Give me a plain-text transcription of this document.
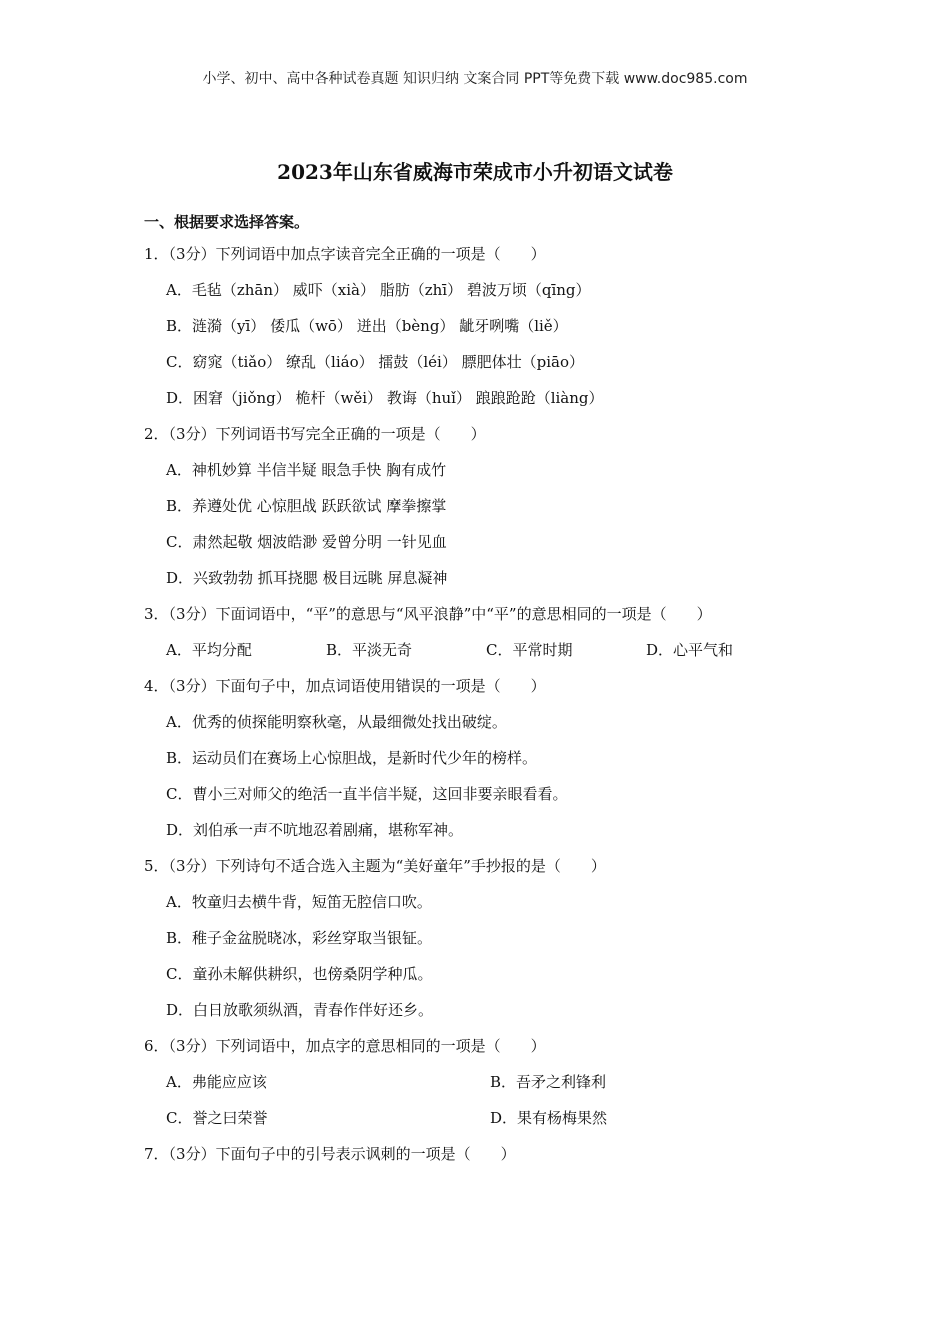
小学、初中、高中各种试卷真题 知识归纳 文案合同 PPT等免费下载 www.doc985.com
2023年山东省威海市荣成市小升初语文试卷
一、根据要求选择答案。
1．（3分）下列词语中加点字读音完全正确的一项是（　　）
A．毛毡（zhān） 威吓（xià） 脂肪（zhī） 碧波万顷（qīng）
B．涟漪（yī） 倭瓜（wō） 迸出（bèng） 龇牙咧嘴（liě）
C．窈窕（tiǎo） 缭乱（liáo） 擂鼓（léi） 膘肥体壮（piāo）
D．困窘（jiǒng） 桅杆（wěi） 教诲（huǐ） 踉踉跄跄（liàng）
2．（3分）下列词语书写完全正确的一项是（　　）
A．神机妙算 半信半疑 眼急手快 胸有成竹
B．养遵处优 心惊胆战 跃跃欲试 摩拳擦掌
C．肃然起敬 烟波皓渺 爱曾分明 一针见血
D．兴致勃勃 抓耳挠腮 极目远眺 屏息凝神
3．（3分）下面词语中，“平”的意思与“风平浪静”中“平”的意思相同的一项是（　　）
A．平均分配	B．平淡无奇	C．平常时期	D．心平气和
4．（3分）下面句子中，加点词语使用错误的一项是（　　）
A．优秀的侦探能明察秋毫，从最细微处找出破绽。
B．运动员们在赛场上心惊胆战，是新时代少年的榜样。
C．曹小三对师父的绝活一直半信半疑，这回非要亲眼看看。
D．刘伯承一声不吭地忍着剧痛，堪称军神。
5．（3分）下列诗句不适合选入主题为“美好童年”手抄报的是（　　）
A．牧童归去横牛背，短笛无腔信口吹。
B．稚子金盆脱晓冰，彩丝穿取当银钲。
C．童孙未解供耕织，也傍桑阴学种瓜。
D．白日放歌须纵酒，青春作伴好还乡。
6．（3分）下列词语中，加点字的意思相同的一项是（　　）
A．弗能应应该	B．吾矛之利锋利
C．誉之曰荣誉	D．果有杨梅果然
7．（3分）下面句子中的引号表示讽刺的一项是（　　）
